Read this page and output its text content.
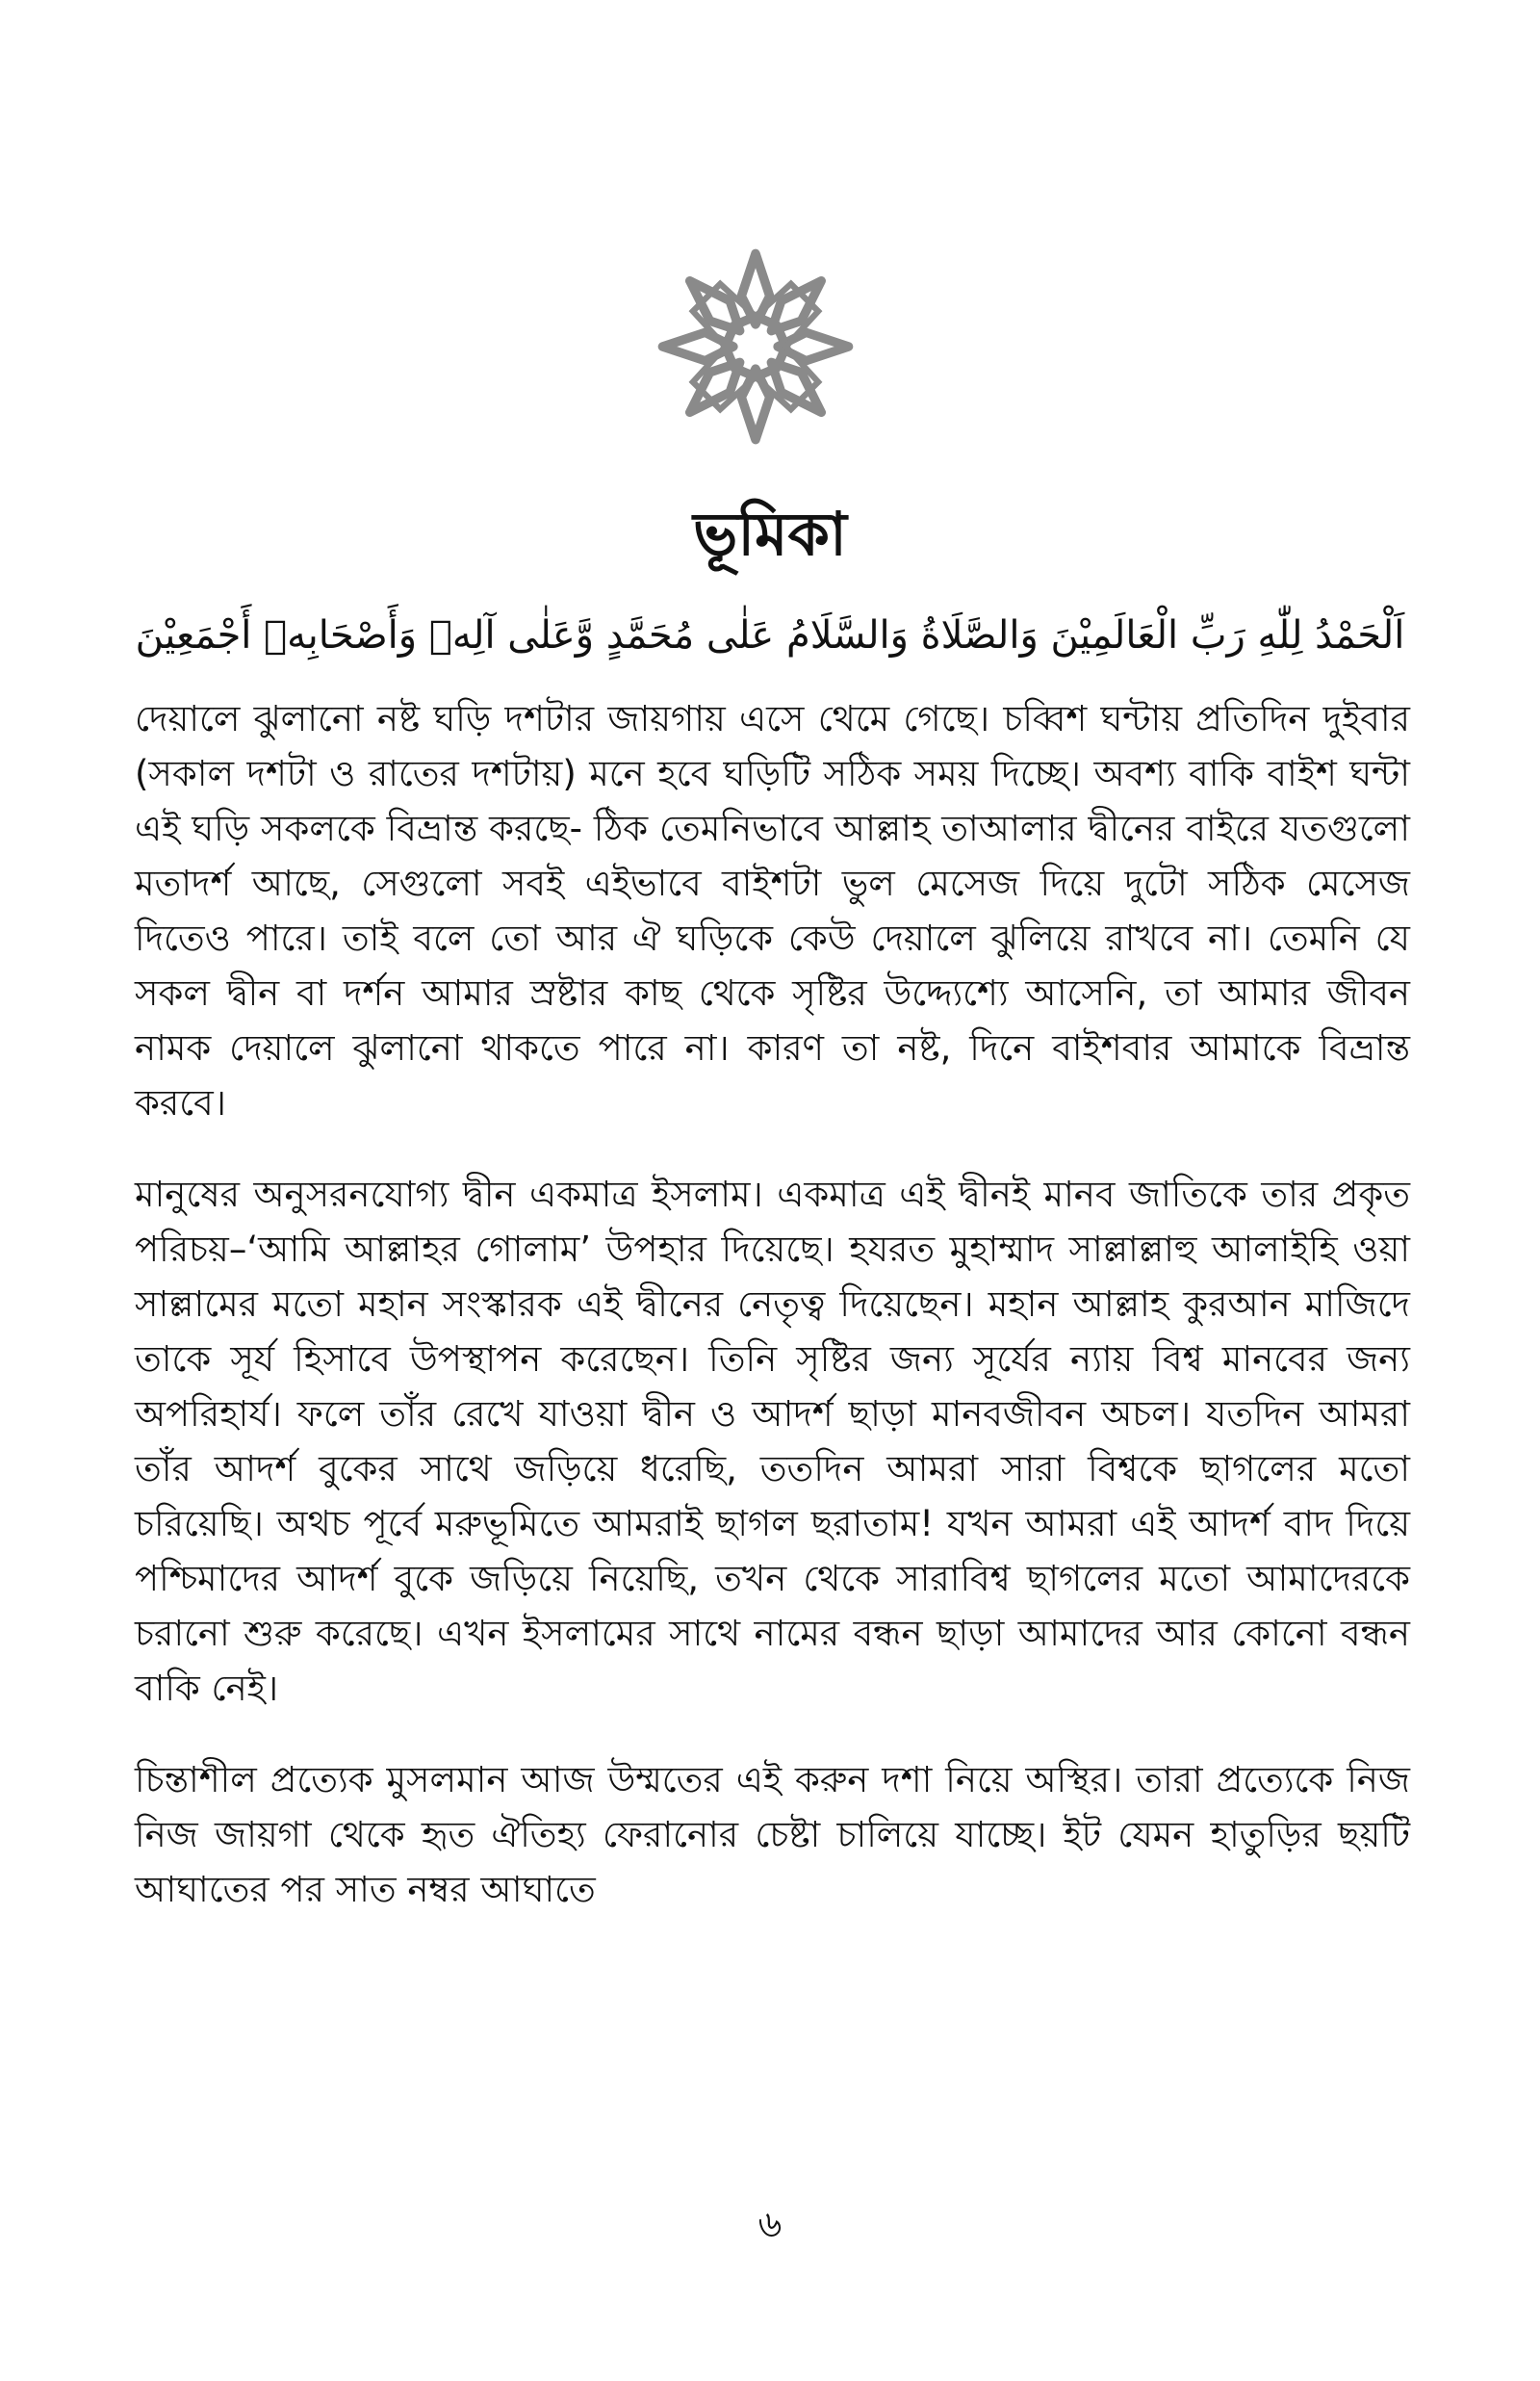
ভূমিকা
اَلْحَمْدُ لِلّٰهِ رَبِّ الْعَالَمِيْنَ وَالصَّلَاةُ وَالسَّلَامُ عَلٰى مُحَمَّدٍ وَّعَلٰى آلِهٖ وَأَصْحَابِهٖ أَجْمَعِيْنَ

দেয়ালে ঝুলানো নষ্ট ঘড়ি দশটার জায়গায় এসে থেমে গেছে। চব্বিশ ঘন্টায় প্রতিদিন দুইবার (সকাল দশটা ও রাতের দশটায়) মনে হবে ঘড়িটি সঠিক সময় দিচ্ছে। অবশ্য বাকি বাইশ ঘন্টা এই ঘড়ি সকলকে বিভ্রান্ত করছে- ঠিক তেমনিভাবে আল্লাহ তাআলার দ্বীনের বাইরে যতগুলো মতাদর্শ আছে, সেগুলো সবই এইভাবে বাইশটা ভুল মেসেজ দিয়ে দুটো সঠিক মেসেজ দিতেও পারে। তাই বলে তো আর ঐ ঘড়িকে কেউ দেয়ালে ঝুলিয়ে রাখবে না। তেমনি যে সকল দ্বীন বা দর্শন আমার স্রষ্টার কাছ থেকে সৃষ্টির উদ্দ্যেশ্যে আসেনি, তা আমার জীবন নামক দেয়ালে ঝুলানো থাকতে পারে না। কারণ তা নষ্ট, দিনে বাইশবার আমাকে বিভ্রান্ত করবে।

মানুষের অনুসরনযোগ্য দ্বীন একমাত্র ইসলাম। একমাত্র এই দ্বীনই মানব জাতিকে তার প্রকৃত পরিচয়–‘আমি আল্লাহর গোলাম’ উপহার দিয়েছে। হযরত মুহাম্মাদ সাল্লাল্লাহু আলাইহি ওয়া সাল্লামের মতো মহান সংস্কারক এই দ্বীনের নেতৃত্ব দিয়েছেন। মহান আল্লাহ কুরআন মাজিদে তাকে সূর্য হিসাবে উপস্থাপন করেছেন। তিনি সৃষ্টির জন্য সূর্যের ন্যায় বিশ্ব মানবের জন্য অপরিহার্য। ফলে তাঁর রেখে যাওয়া দ্বীন ও আদর্শ ছাড়া মানবজীবন অচল। যতদিন আমরা তাঁর আদর্শ বুকের সাথে জড়িয়ে ধরেছি, ততদিন আমরা সারা বিশ্বকে ছাগলের মতো চরিয়েছি। অথচ পূর্বে মরুভূমিতে আমরাই ছাগল ছরাতাম! যখন আমরা এই আদর্শ বাদ দিয়ে পশ্চিমাদের আদর্শ বুকে জড়িয়ে নিয়েছি, তখন থেকে সারাবিশ্ব ছাগলের মতো আমাদেরকে চরানো শুরু করেছে। এখন ইসলামের সাথে নামের বন্ধন ছাড়া আমাদের আর কোনো বন্ধন বাকি নেই।

চিন্তাশীল প্রত্যেক মুসলমান আজ উম্মতের এই করুন দশা নিয়ে অস্থির। তারা প্রত্যেকে নিজ নিজ জায়গা থেকে হৃত ঐতিহ্য ফেরানোর চেষ্টা চালিয়ে যাচ্ছে। ইট যেমন হাতুড়ির ছয়টি আঘাতের পর সাত নম্বর আঘাতে

৬
